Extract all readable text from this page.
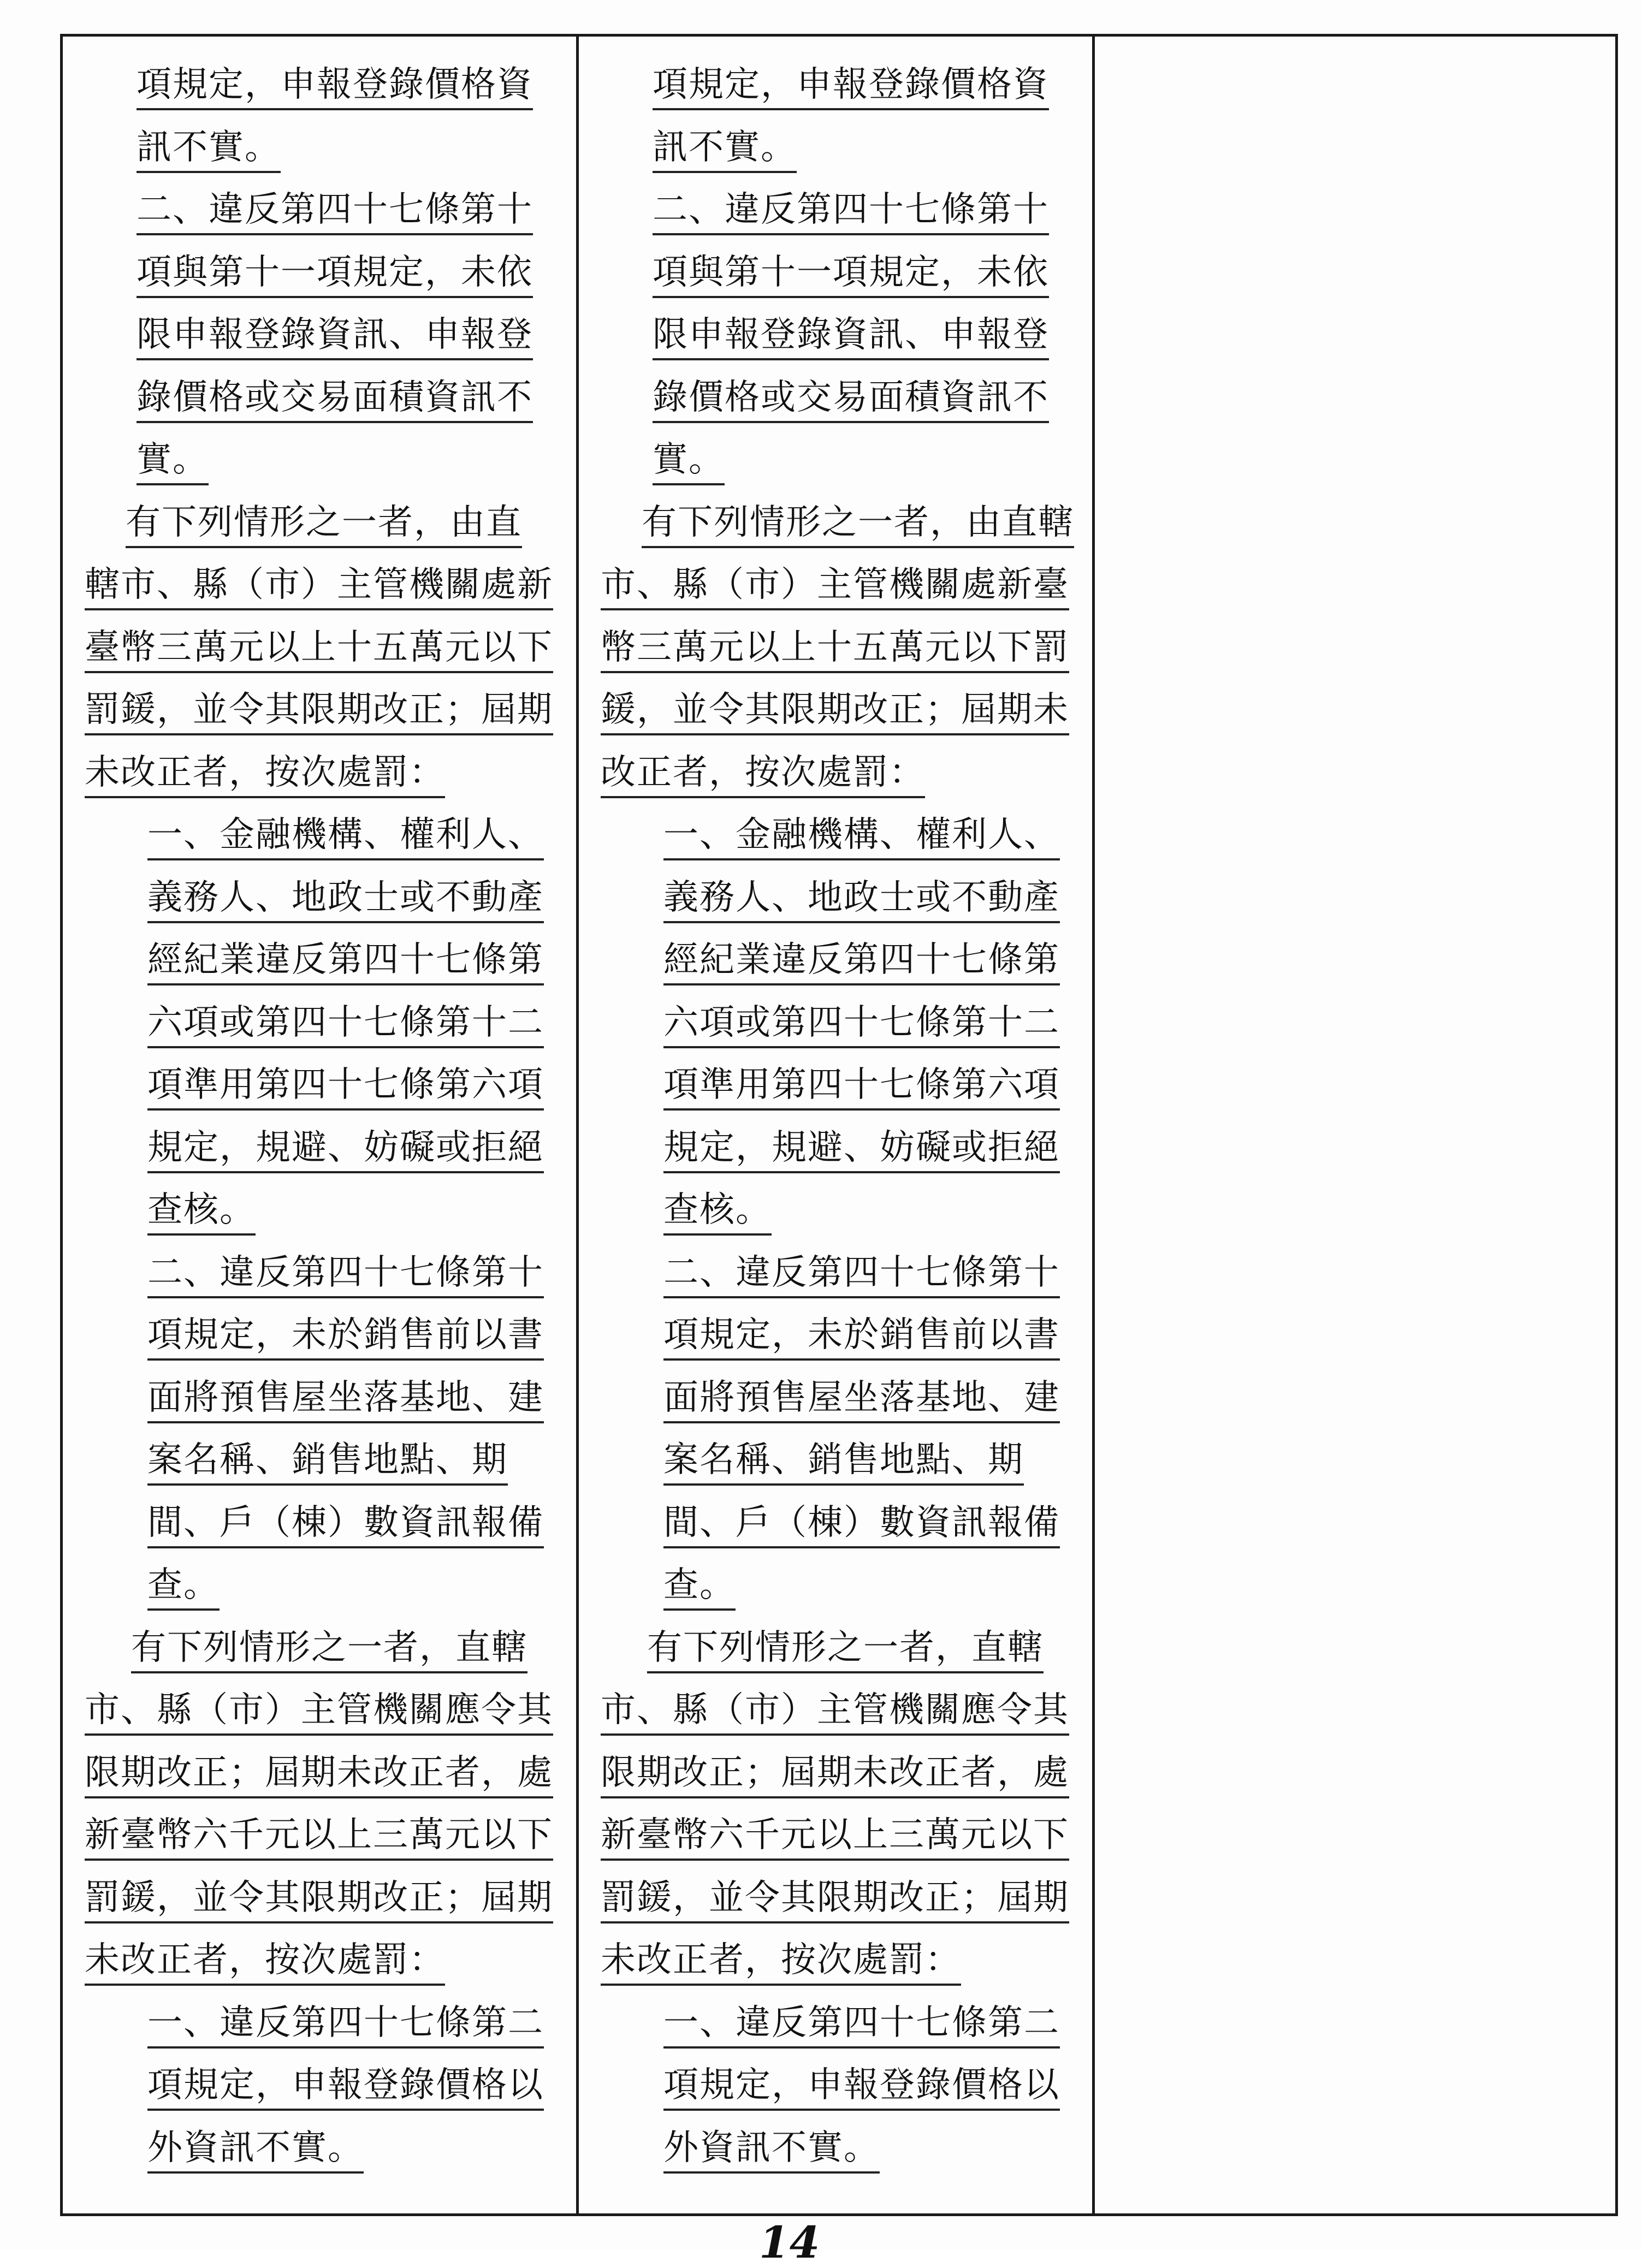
項規定，申報登錄價格資
訊不實。
二、違反第四十七條第十
項與第十一項規定，未依
限申報登錄資訊、申報登
錄價格或交易面積資訊不
實。
有下列情形之一者，由直
轄市、縣（市）主管機關處新
臺幣三萬元以上十五萬元以下
罰鍰，並令其限期改正；屆期
未改正者，按次處罰：
一、金融機構、權利人、
義務人、地政士或不動產
經紀業違反第四十七條第
六項或第四十七條第十二
項準用第四十七條第六項
規定，規避、妨礙或拒絕
查核。
二、違反第四十七條第十
項規定，未於銷售前以書
面將預售屋坐落基地、建
案名稱、銷售地點、期
間、戶（棟）數資訊報備
查。
有下列情形之一者，直轄
市、縣（市）主管機關應令其
限期改正；屆期未改正者，處
新臺幣六千元以上三萬元以下
罰鍰，並令其限期改正；屆期
未改正者，按次處罰：
一、違反第四十七條第二
項規定，申報登錄價格以
外資訊不實。
項規定，申報登錄價格資
訊不實。
二、違反第四十七條第十
項與第十一項規定，未依
限申報登錄資訊、申報登
錄價格或交易面積資訊不
實。
有下列情形之一者，由直轄
市、縣（市）主管機關處新臺
幣三萬元以上十五萬元以下罰
鍰，並令其限期改正；屆期未
改正者，按次處罰：
一、金融機構、權利人、
義務人、地政士或不動產
經紀業違反第四十七條第
六項或第四十七條第十二
項準用第四十七條第六項
規定，規避、妨礙或拒絕
查核。
二、違反第四十七條第十
項規定，未於銷售前以書
面將預售屋坐落基地、建
案名稱、銷售地點、期
間、戶（棟）數資訊報備
查。
有下列情形之一者，直轄
市、縣（市）主管機關應令其
限期改正；屆期未改正者，處
新臺幣六千元以上三萬元以下
罰鍰，並令其限期改正；屆期
未改正者，按次處罰：
一、違反第四十七條第二
項規定，申報登錄價格以
外資訊不實。
14
